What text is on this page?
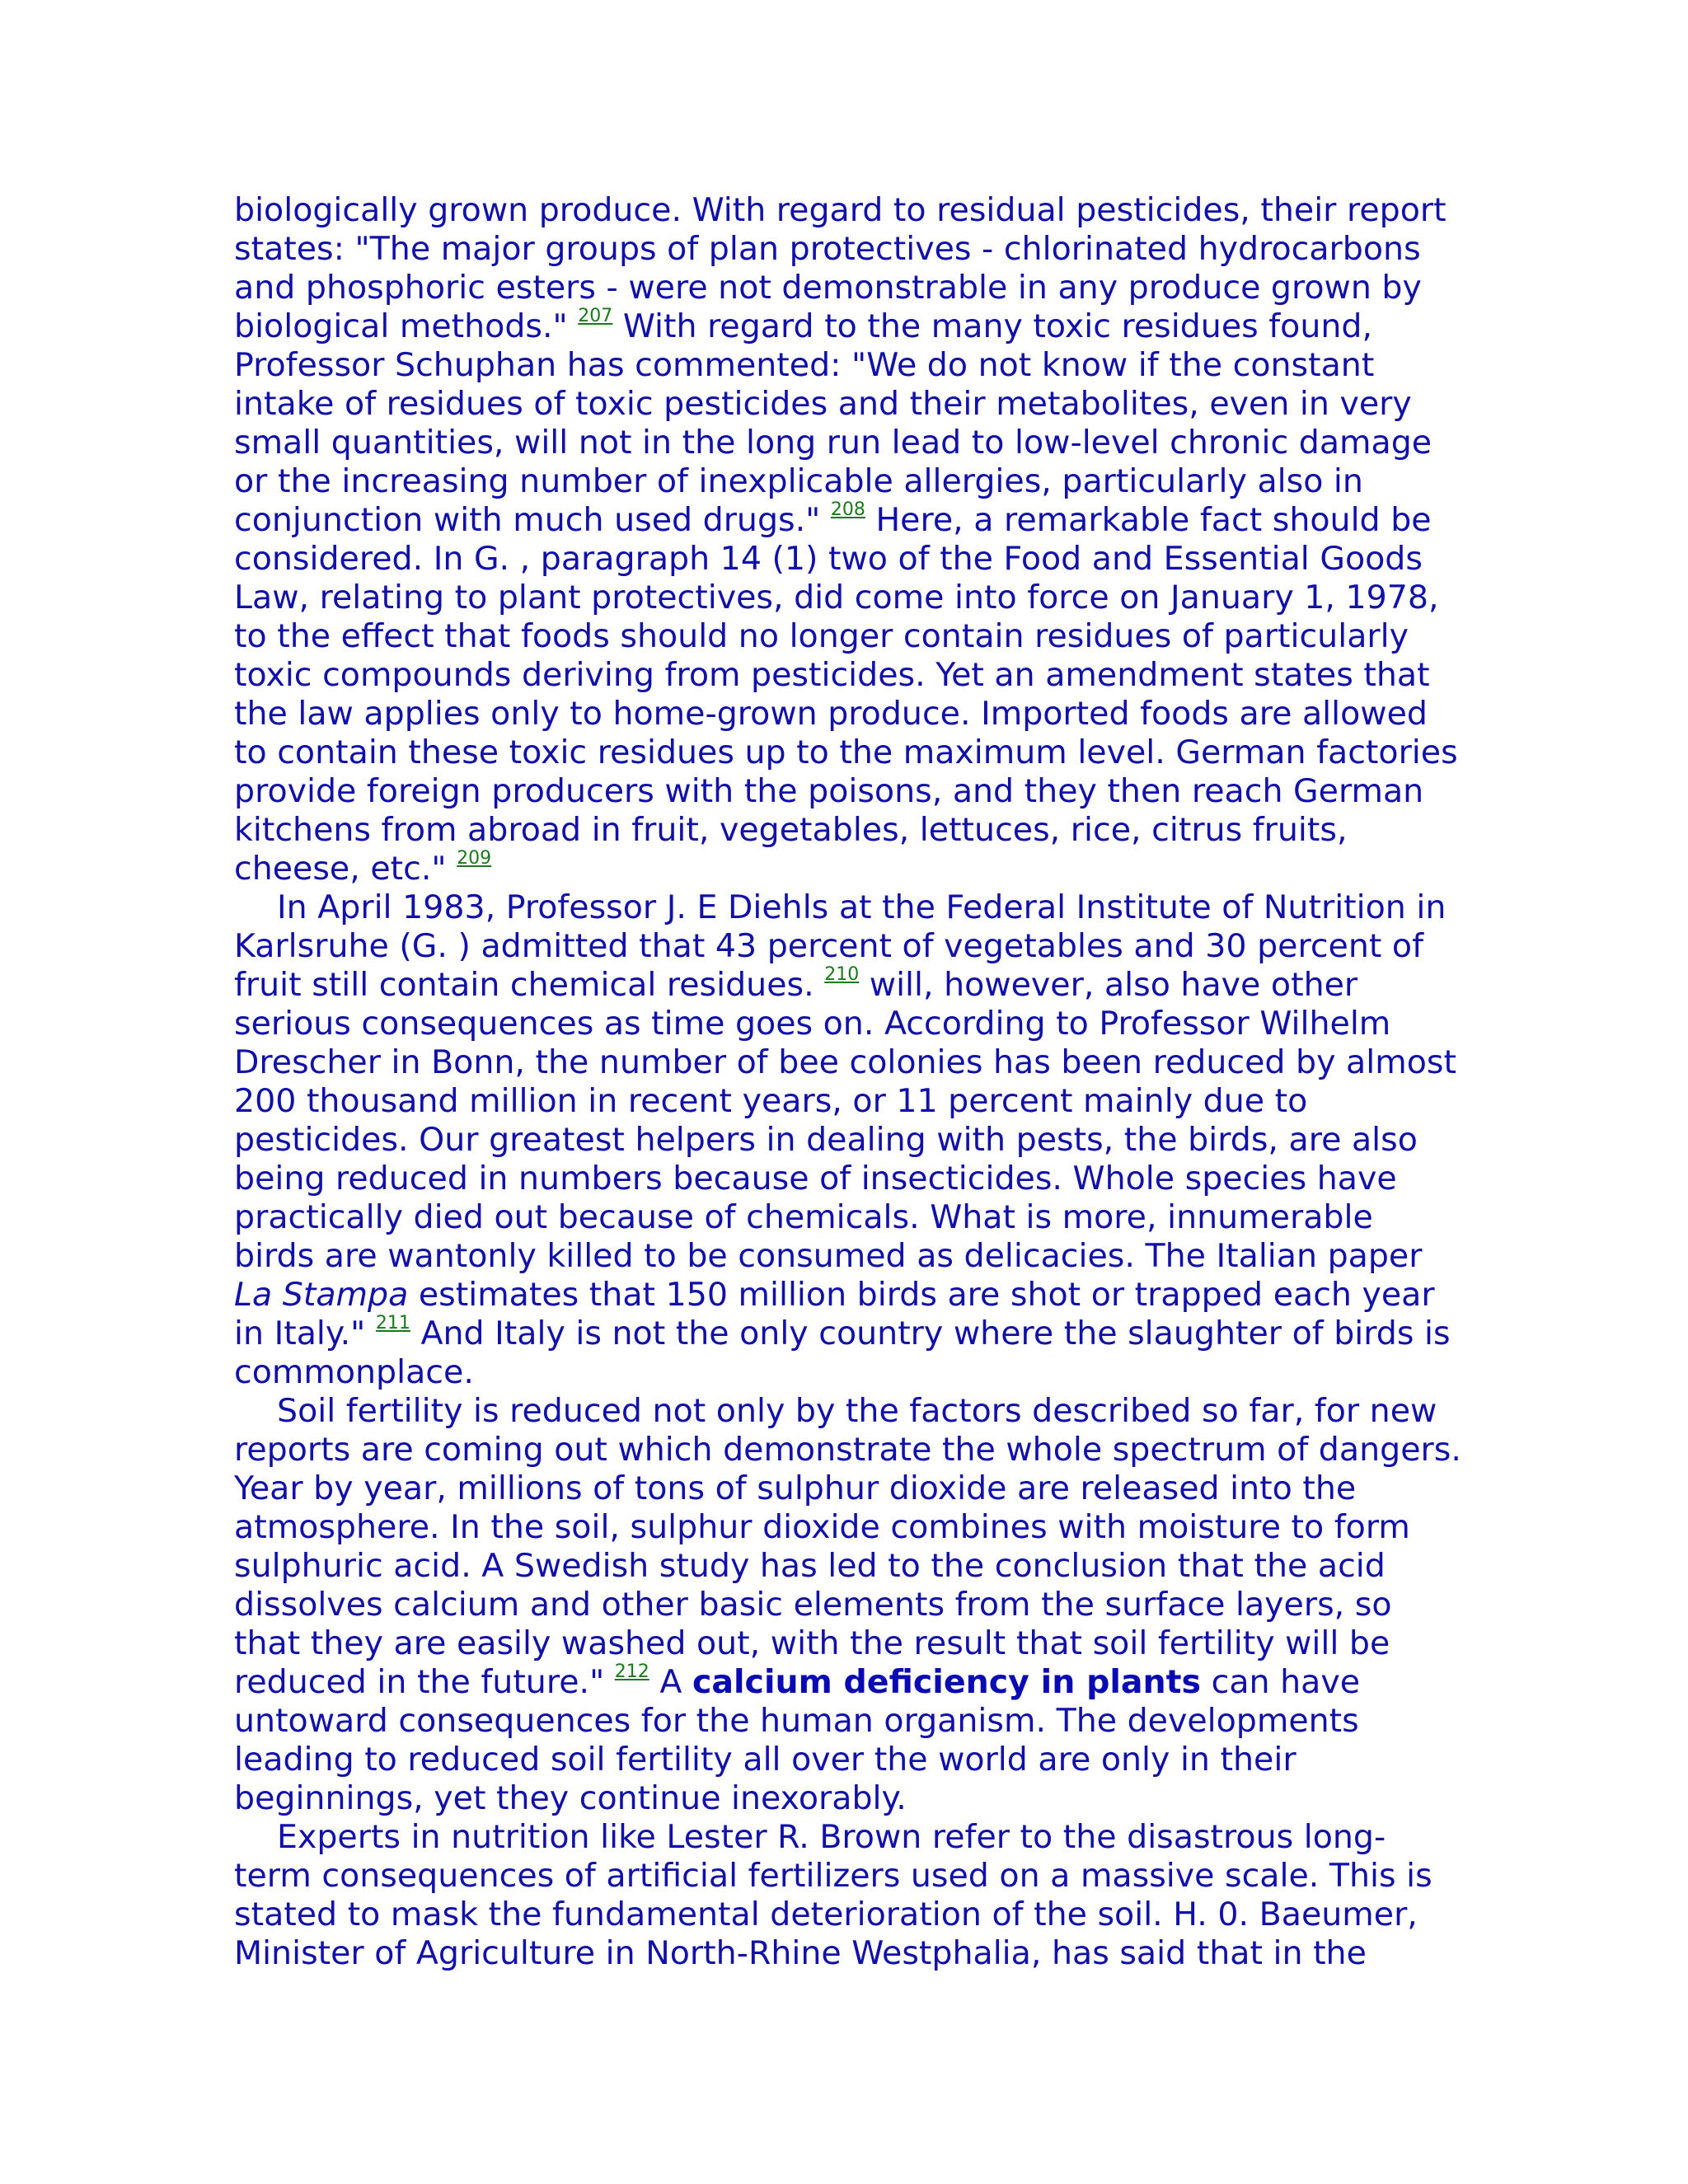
biologically grown produce. With regard to residual pesticides, their report states: "The major groups of plan protectives - chlorinated hydrocarbons and phosphoric esters - were not demonstrable in any produce grown by biological methods." $^{207}$ With regard to the many toxic residues found, Professor Schuphan has commented: "We do not know if the constant intake of residues of toxic pesticides and their metabolites, even in very small quantities, will not in the long run lead to low-level chronic damage or the increasing number of inexplicable allergies, particularly also in conjunction with much used drugs." $^{208}$ Here, a remarkable fact should be considered. In G. , paragraph 14 (1) two of the Food and Essential Goods Law, relating to plant protectives, did come into force on January 1, 1978, to the effect that foods should no longer contain residues of particularly toxic compounds deriving from pesticides. Yet an amendment states that the law applies only to home-grown produce. Imported foods are allowed to contain these toxic residues up to the maximum level. German factories provide foreign producers with the poisons, and they then reach German kitchens from abroad in fruit, vegetables, lettuces, rice, citrus fruits, cheese, etc." $^{209}$

In April 1983, Professor J. E Diehls at the Federal Institute of Nutrition in Karlsruhe (G. ) admitted that 43 percent of vegetables and 30 percent of fruit still contain chemical residues. $^{210}$ will, however, also have other serious consequences as time goes on. According to Professor Wilhelm Drescher in Bonn, the number of bee colonies has been reduced by almost 200 thousand million in recent years, or 11 percent mainly due to pesticides. Our greatest helpers in dealing with pests, the birds, are also being reduced in numbers because of insecticides. Whole species have practically died out because of chemicals. What is more, innumerable birds are wantonly killed to be consumed as delicacies. The Italian paper La Stampa estimates that 150 million birds are shot or trapped each year in Italy." $^{211}$ And Italy is not the only country where the slaughter of birds is commonplace.

Soil fertility is reduced not only by the factors described so far, for new reports are coming out which demonstrate the whole spectrum of dangers. Year by year, millions of tons of sulphur dioxide are released into the atmosphere. In the soil, sulphur dioxide combines with moisture to form sulphuric acid. A Swedish study has led to the conclusion that the acid dissolves calcium and other basic elements from the surface layers, so that they are easily washed out, with the result that soil fertility will be reduced in the future." $^{212}$ A calcium deficiency in plants can have untoward consequences for the human organism. The developments leading to reduced soil fertility all over the world are only in their beginnings, yet they continue inexorably.

Experts in nutrition like Lester R. Brown refer to the disastrous long-term consequences of artificial fertilizers used on a massive scale. This is stated to mask the fundamental deterioration of the soil. H. 0. Baeumer, Minister of Agriculture in North-Rhine Westphalia, has said that in the
